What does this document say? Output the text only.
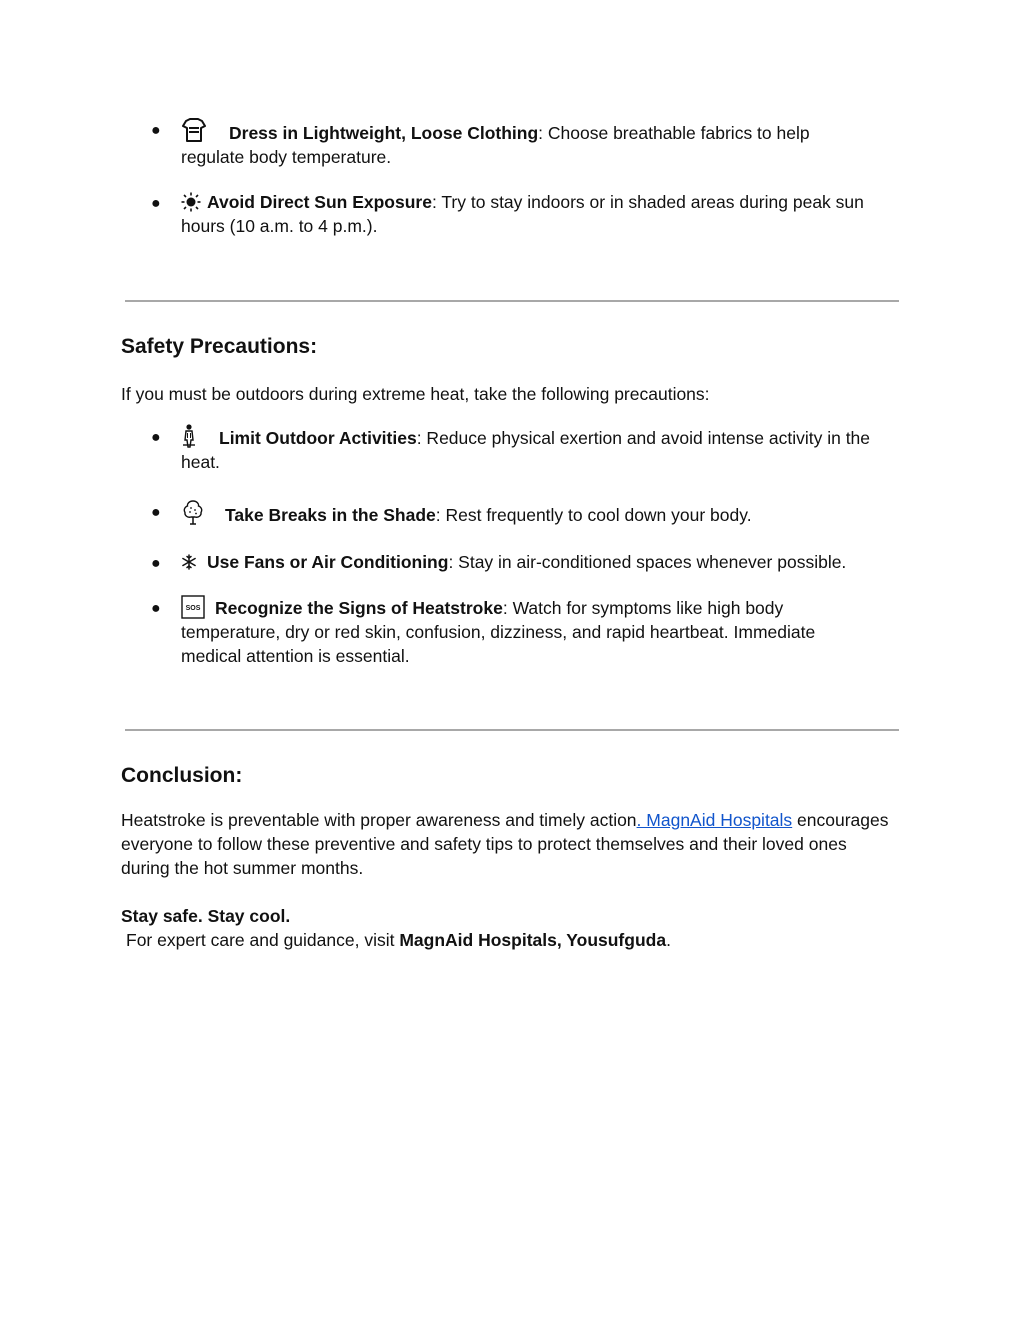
●	Dress in Lightweight, Loose Clothing: Choose breathable fabrics to help regulate body temperature.
●	Avoid Direct Sun Exposure: Try to stay indoors or in shaded areas during peak sun hours (10 a.m. to 4 p.m.).
Safety Precautions:
If you must be outdoors during extreme heat, take the following precautions:
●	Limit Outdoor Activities: Reduce physical exertion and avoid intense activity in the heat.
●	Take Breaks in the Shade: Rest frequently to cool down your body.
●	Use Fans or Air Conditioning: Stay in air-conditioned spaces whenever possible.
●	SOS Recognize the Signs of Heatstroke: Watch for symptoms like high body temperature, dry or red skin, confusion, dizziness, and rapid heartbeat. Immediate medical attention is essential.
Conclusion:
Heatstroke is preventable with proper awareness and timely action. MagnAid Hospitals encourages everyone to follow these preventive and safety tips to protect themselves and their loved ones during the hot summer months.
Stay safe. Stay cool.
For expert care and guidance, visit MagnAid Hospitals, Yousufguda.
